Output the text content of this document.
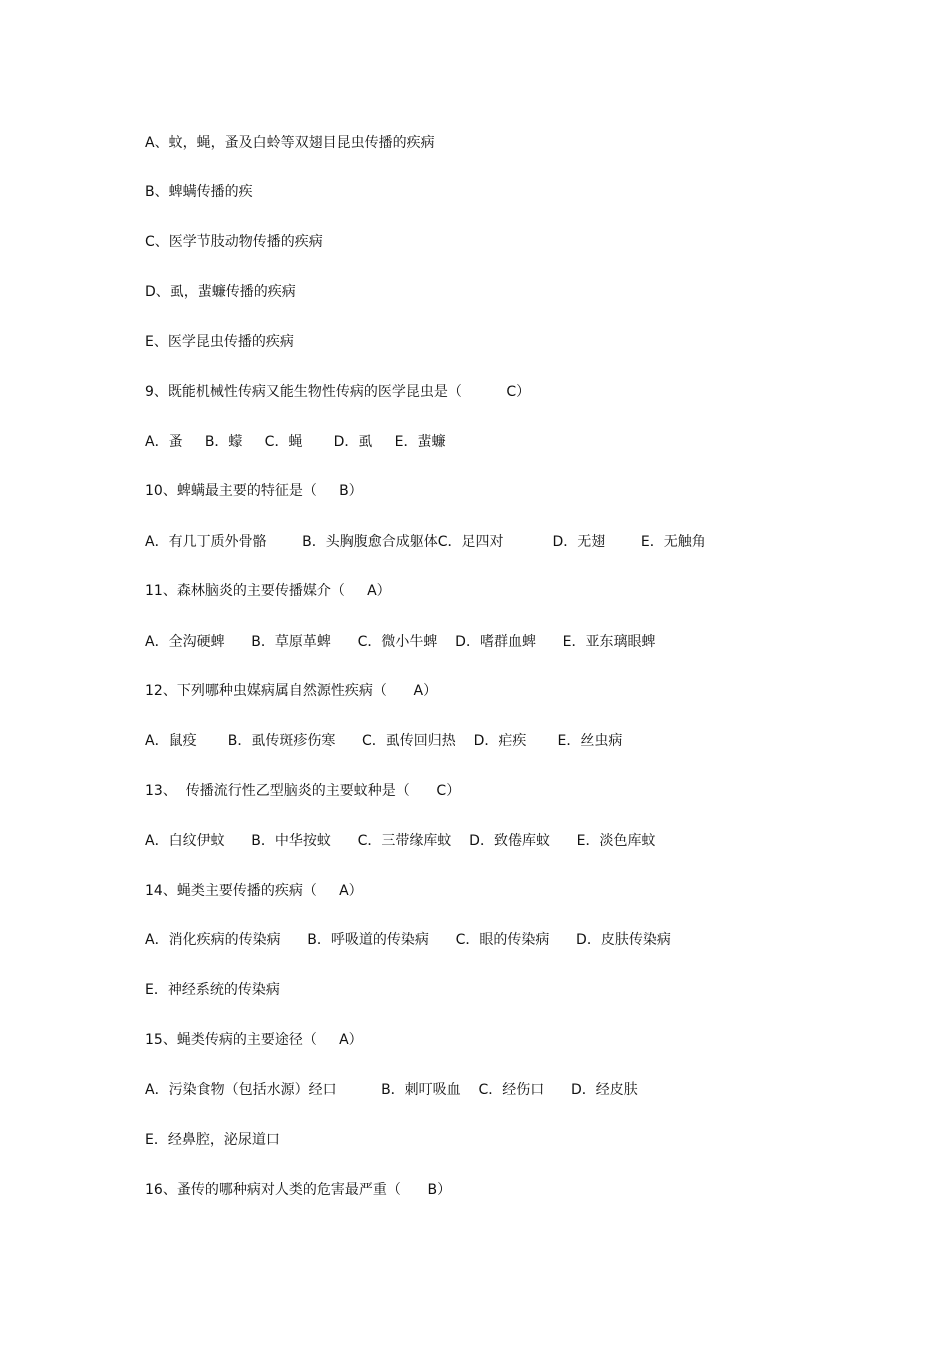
A、蚊，蝇，蚤及白蛉等双翅目昆虫传播的疾病
B、蜱螨传播的疾
C、医学节肢动物传播的疾病
D、虱，蜚蠊传播的疾病
E、医学昆虫传播的疾病
9、既能机械性传病又能生物性传病的医学昆虫是（          C）
A．蚤     B．蠓     C．蝇       D．虱     E．蜚蠊
10、蜱螨最主要的特征是（     B）
A．有几丁质外骨骼        B．头胸腹愈合成躯体C．足四对           D．无翅        E．无触角
11、森林脑炎的主要传播媒介（     A）
A．全沟硬蜱      B．草原革蜱      C．微小牛蜱    D．嗜群血蜱      E．亚东璃眼蜱
12、下列哪种虫媒病属自然源性疾病（      A）
A．鼠疫       B．虱传斑疹伤寒      C．虱传回归热    D．疟疾       E．丝虫病
13、  传播流行性乙型脑炎的主要蚊种是（      C）
A．白纹伊蚊      B．中华按蚊      C．三带缘库蚊    D．致倦库蚊      E．淡色库蚊
14、蝇类主要传播的疾病（     A）
A．消化疾病的传染病      B．呼吸道的传染病      C．眼的传染病      D．皮肤传染病
E．神经系统的传染病
15、蝇类传病的主要途径（     A）
A．污染食物（包括水源）经口          B．刺叮吸血    C．经伤口      D．经皮肤
E．经鼻腔，泌尿道口
16、蚤传的哪种病对人类的危害最严重（      B）
